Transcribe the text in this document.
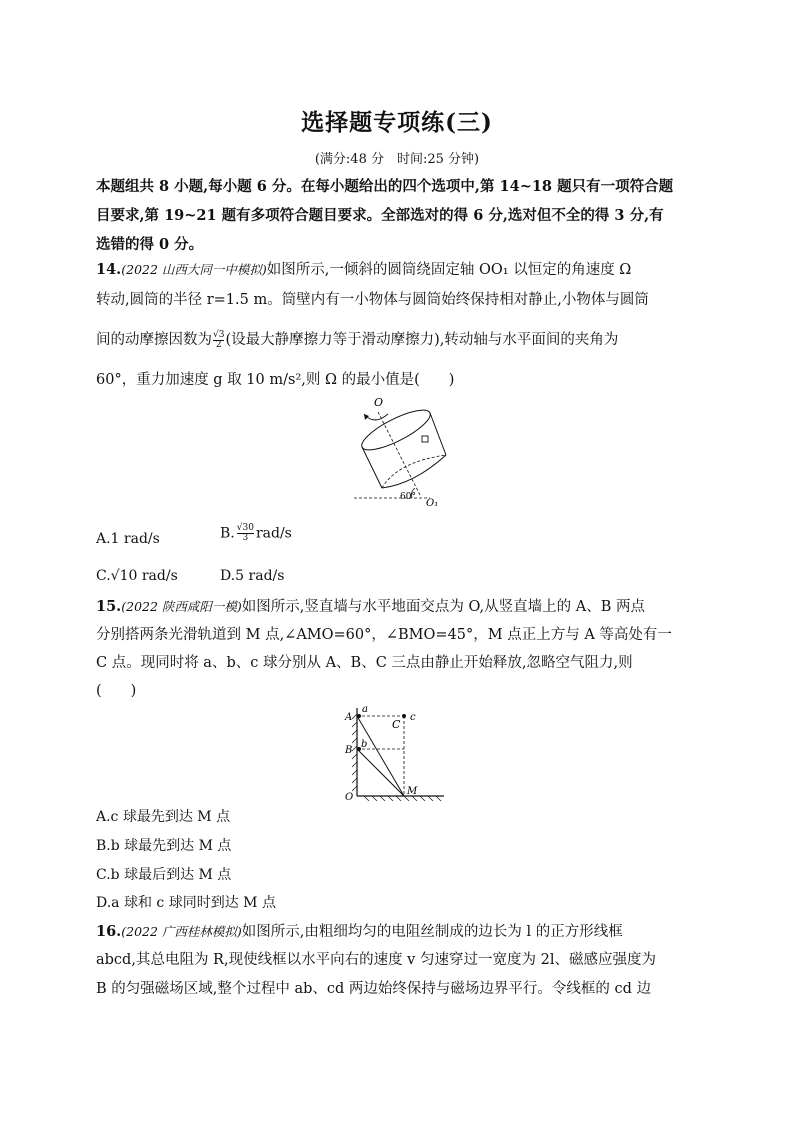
选择题专项练(三)
(满分:48 分　时间:25 分钟)
本题组共 8 小题,每小题 6 分。在每小题给出的四个选项中,第 14~18 题只有一项符合题
目要求,第 19~21 题有多项符合题目要求。全部选对的得 6 分,选对但不全的得 3 分,有
选错的得 0 分。
14.(2022 山西大同一中模拟)如图所示,一倾斜的圆筒绕固定轴 OO₁ 以恒定的角速度 Ω
转动,圆筒的半径 r=1.5 m。筒壁内有一小物体与圆筒始终保持相对静止,小物体与圆筒
间的动摩擦因数为 $\frac{√3}{2}$ (设最大静摩擦力等于滑动摩擦力),转动轴与水平面间的夹角为
60°，重力加速度 g 取 10 m/s²,则 Ω 的最小值是(　　)
O
60°
O₁
A.1 rad/s	B. $\frac{√30}{3} rad/s$
C.√10 rad/s	D.5 rad/s
15.(2022 陕西咸阳一模)如图所示,竖直墙与水平地面交点为 O,从竖直墙上的 A、B 两点
分别搭两条光滑轨道到 M 点,∠AMO=60°，∠BMO=45°，M 点正上方与 A 等高处有一
C 点。现同时将 a、b、c 球分别从 A、B、C 三点由静止开始释放,忽略空气阻力,则
(　　)
A
a
B
b
C
c
O
M
A.c 球最先到达 M 点
B.b 球最先到达 M 点
C.b 球最后到达 M 点
D.a 球和 c 球同时到达 M 点
16.(2022 广西桂林模拟)如图所示,由粗细均匀的电阻丝制成的边长为 l 的正方形线框
abcd,其总电阻为 R,现使线框以水平向右的速度 v 匀速穿过一宽度为 2l、磁感应强度为
B 的匀强磁场区域,整个过程中 ab、cd 两边始终保持与磁场边界平行。令线框的 cd 边
